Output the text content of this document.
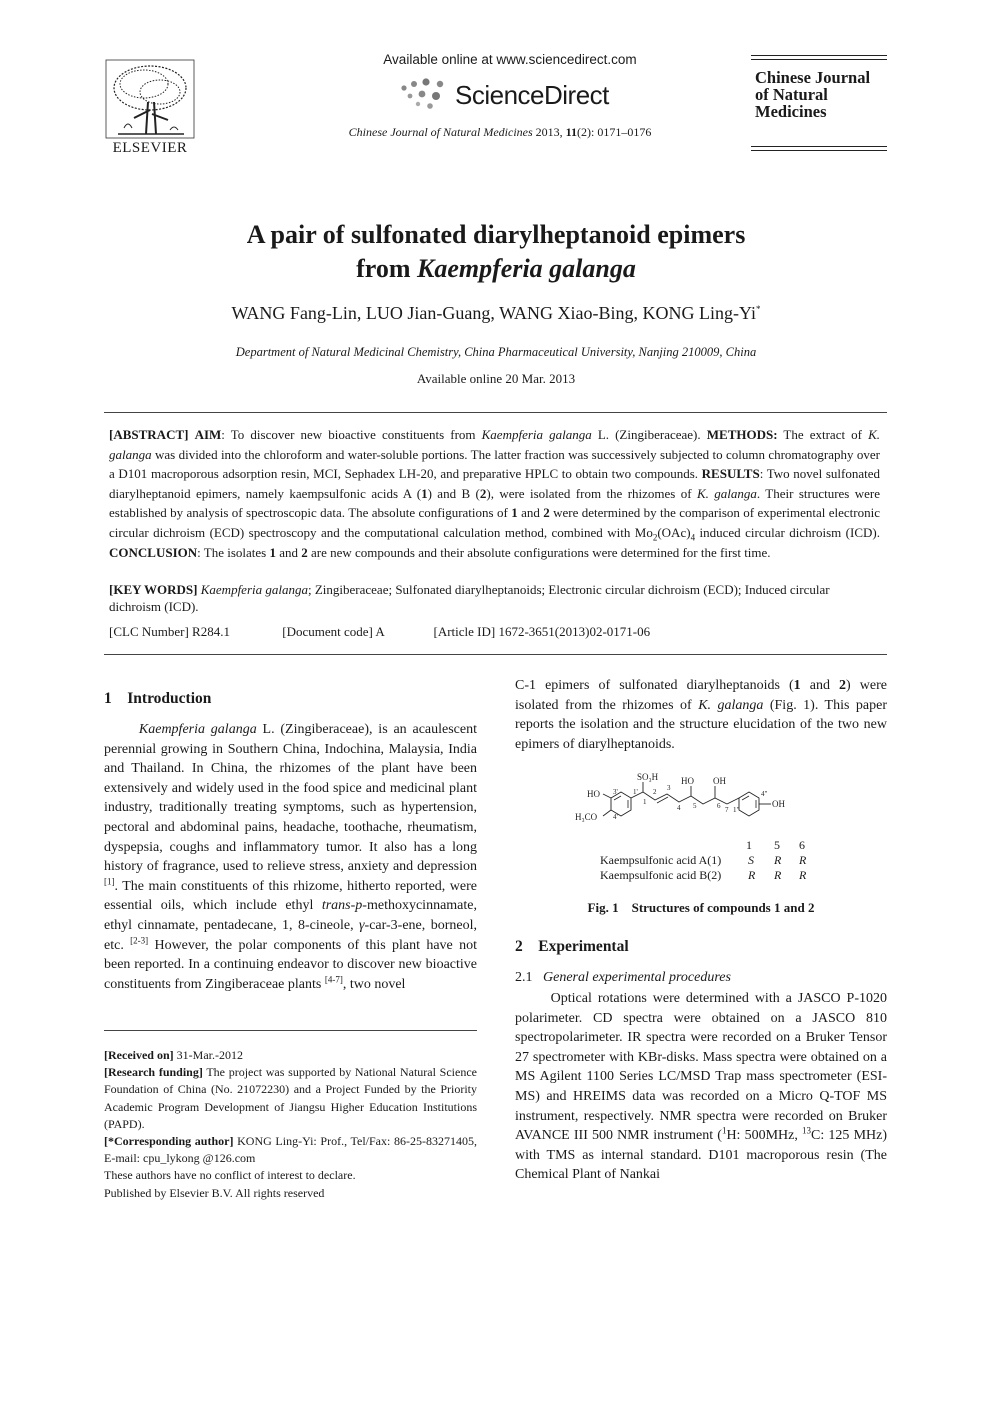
ELSEVIER
Available online at www.sciencedirect.com
ScienceDirect
Chinese Journal of Natural Medicines 2013, 11(2): 0171–0176
Chinese Journal of Natural Medicines
A pair of sulfonated diarylheptanoid epimers
from Kaempferia galanga
WANG Fang-Lin, LUO Jian-Guang, WANG Xiao-Bing, KONG Ling-Yi*
Department of Natural Medicinal Chemistry, China Pharmaceutical University, Nanjing 210009, China
Available online 20 Mar. 2013
[ABSTRACT] AIM: To discover new bioactive constituents from Kaempferia galanga L. (Zingiberaceae). METHODS: The extract of K. galanga was divided into the chloroform and water-soluble portions. The latter fraction was successively subjected to column chromatography over a D101 macroporous adsorption resin, MCI, Sephadex LH-20, and preparative HPLC to obtain two compounds. RESULTS: Two novel sulfonated diarylheptanoid epimers, namely kaempsulfonic acids A (1) and B (2), were isolated from the rhizomes of K. galanga. Their structures were established by analysis of spectroscopic data. The absolute configurations of 1 and 2 were determined by the comparison of experimental electronic circular dichroism (ECD) spectroscopy and the computational calculation method, combined with $Mo_2(OAc)_4$ induced circular dichroism (ICD). CONCLUSION: The isolates 1 and 2 are new compounds and their absolute configurations were determined for the first time.
[KEY WORDS] Kaempferia galanga; Zingiberaceae; Sulfonated diarylheptanoids; Electronic circular dichroism (ECD); Induced circular dichroism (ICD).
[CLC Number] R284.1	[Document code] A	[Article ID] 1672-3651(2013)02-0171-06
1 Introduction
Kaempferia galanga L. (Zingiberaceae), is an acaulescent perennial growing in Southern China, Indochina, Malaysia, India and Thailand. In China, the rhizomes of the plant have been extensively and widely used in the food spice and medicinal plant industry, traditionally treating symptoms, such as hypertension, pectoral and abdominal pains, headache, toothache, rheumatism, dyspepsia, coughs and inflammatory tumor. It also has a long history of fragrance, used to relieve stress, anxiety and depression [1]. The main constituents of this rhizome, hitherto reported, were essential oils, which include ethyl trans-p-methoxycinnamate, ethyl cinnamate, pentadecane, 1, 8-cineole, γ-car-3-ene, borneol, etc. [2-3] However, the polar components of this plant have not been reported. In a continuing endeavor to discover new bioactive constituents from Zingiberaceae plants [4-7], two novel
[Received on] 31-Mar.-2012
[Research funding] The project was supported by National Natural Science Foundation of China (No. 21072230) and a Project Funded by the Priority Academic Program Development of Jiangsu Higher Education Institutions (PAPD).
[*Corresponding author] KONG Ling-Yi: Prof., Tel/Fax: 86-25-83271405, E-mail: cpu_lykong @126.com
These authors have no conflict of interest to declare.
Published by Elsevier B.V. All rights reserved
C-1 epimers of sulfonated diarylheptanoids (1 and 2) were isolated from the rhizomes of K. galanga (Fig. 1). This paper reports the isolation and the structure elucidation of the two new epimers of diarylheptanoids.
HO
H₃CO
3'
4'
1'
SO₃H	HO OH
1
2 3
4 5	6 7 1"
4"
OH
1 5 6
Kaempsulfonic acid A(1) S R R
Kaempsulfonic acid B(2) R R R
Fig. 1    Structures of compounds 1 and 2
2 Experimental
2.1 General experimental procedures
Optical rotations were determined with a JASCO P-1020 polarimeter. CD spectra were obtained on a JASCO 810 spectropolarimeter. IR spectra were recorded on a Bruker Tensor 27 spectrometer with KBr-disks. Mass spectra were obtained on a MS Agilent 1100 Series LC/MSD Trap mass spectrometer (ESI-MS) and HREIMS data was recorded on a Micro Q-TOF MS instrument, respectively. NMR spectra were recorded on Bruker AVANCE III 500 NMR instrument ($^1$H: 500MHz, $^{13}$C: 125 MHz) with TMS as internal standard. D101 macroporous resin (The Chemical Plant of Nankai
